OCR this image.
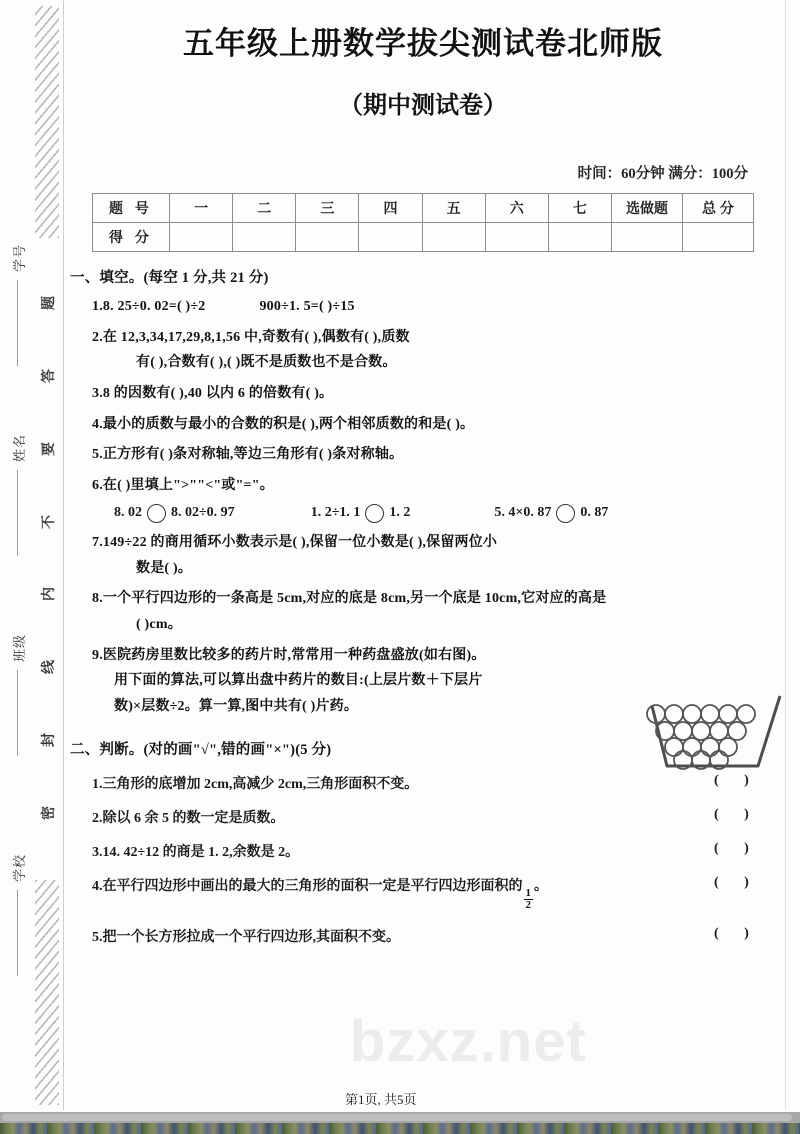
学号
姓名
班级
学校
题
答
要
不
内
线
封
密
五年级上册数学拔尖测试卷北师版
（期中测试卷）
时间：60分钟 满分：100分
题 号	一	二	三	四	五	六	七	选做题	总 分
得 分									
一、填空。(每空 1 分,共 21 分)
1.8. 25÷0. 02=( )÷2	900÷1. 5=( )÷15
2.在 12,3,34,17,29,8,1,56 中,奇数有( ),偶数有( ),质数
有( ),合数有( ),( )既不是质数也不是合数。
3.8 的因数有( ),40 以内 6 的倍数有( )。
4.最小的质数与最小的合数的积是( ),两个相邻质数的和是( )。
5.正方形有( )条对称轴,等边三角形有( )条对称轴。
6.在( )里填上">""<"或"="。
8. 02 8. 02÷0. 97	1. 2÷1. 1 1. 2	5. 4×0. 87 0. 87
7.149÷22 的商用循环小数表示是( ),保留一位小数是( ),保留两位小
数是( )。
8.一个平行四边形的一条高是 5cm,对应的底是 8cm,另一个底是 10cm,它对应的高是
( )cm。
9.医院药房里数比较多的药片时,常常用一种药盘盛放(如右图)。
用下面的算法,可以算出盘中药片的数目:(上层片数＋下层片
数)×层数÷2。算一算,图中共有( )片药。
二、判断。(对的画"√",错的画"×")(5 分)
1.三角形的底增加 2cm,高减少 2cm,三角形面积不变。	( )
2.除以 6 余 5 的数一定是质数。	( )
3.14. 42÷12 的商是 1. 2,余数是 2。	( )
4.在平行四边形中画出的最大的三角形的面积一定是平行四边形面积的
$\frac{1}{2}$
。	( )
5.把一个长方形拉成一个平行四边形,其面积不变。	( )
bzxz.net
第1页, 共5页
